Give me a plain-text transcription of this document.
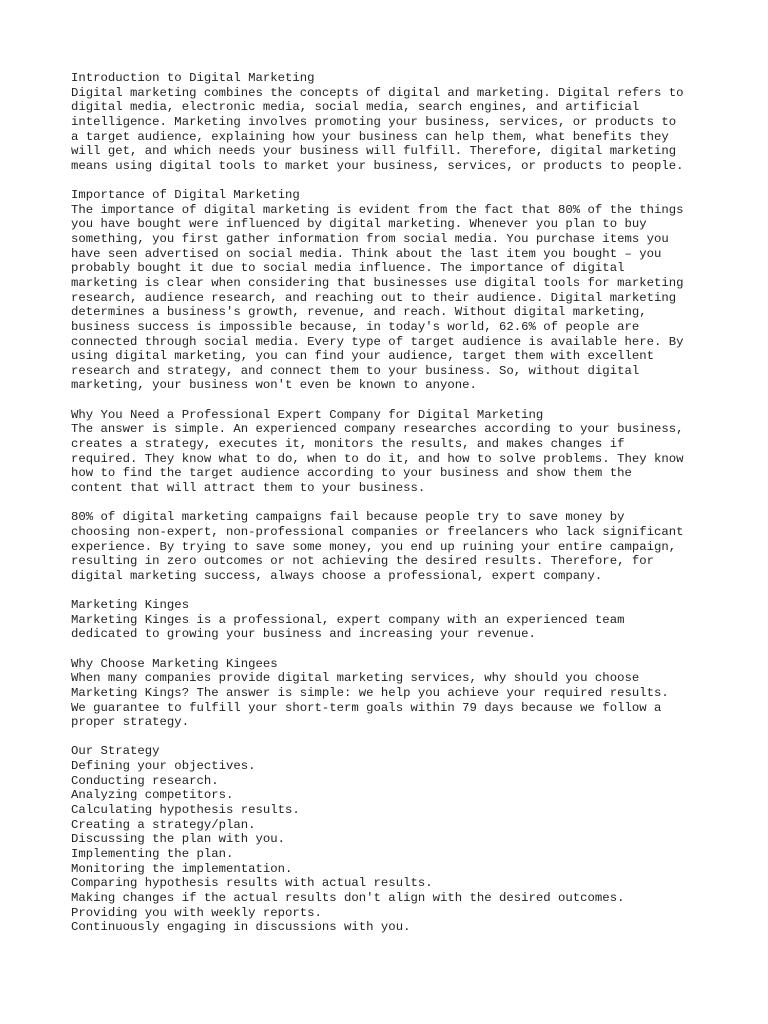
Introduction to Digital Marketing
Digital marketing combines the concepts of digital and marketing. Digital refers to
digital media, electronic media, social media, search engines, and artificial
intelligence. Marketing involves promoting your business, services, or products to
a target audience, explaining how your business can help them, what benefits they
will get, and which needs your business will fulfill. Therefore, digital marketing
means using digital tools to market your business, services, or products to people.
Importance of Digital Marketing
The importance of digital marketing is evident from the fact that 80% of the things
you have bought were influenced by digital marketing. Whenever you plan to buy
something, you first gather information from social media. You purchase items you
have seen advertised on social media. Think about the last item you bought – you
probably bought it due to social media influence. The importance of digital
marketing is clear when considering that businesses use digital tools for marketing
research, audience research, and reaching out to their audience. Digital marketing
determines a business's growth, revenue, and reach. Without digital marketing,
business success is impossible because, in today's world, 62.6% of people are
connected through social media. Every type of target audience is available here. By
using digital marketing, you can find your audience, target them with excellent
research and strategy, and connect them to your business. So, without digital
marketing, your business won't even be known to anyone.
Why You Need a Professional Expert Company for Digital Marketing
The answer is simple. An experienced company researches according to your business,
creates a strategy, executes it, monitors the results, and makes changes if
required. They know what to do, when to do it, and how to solve problems. They know
how to find the target audience according to your business and show them the
content that will attract them to your business.
80% of digital marketing campaigns fail because people try to save money by
choosing non-expert, non-professional companies or freelancers who lack significant
experience. By trying to save some money, you end up ruining your entire campaign,
resulting in zero outcomes or not achieving the desired results. Therefore, for
digital marketing success, always choose a professional, expert company.
Marketing Kinges
Marketing Kinges is a professional, expert company with an experienced team
dedicated to growing your business and increasing your revenue.
Why Choose Marketing Kingees
When many companies provide digital marketing services, why should you choose
Marketing Kings? The answer is simple: we help you achieve your required results.
We guarantee to fulfill your short-term goals within 79 days because we follow a
proper strategy.
Our Strategy
Defining your objectives.
Conducting research.
Analyzing competitors.
Calculating hypothesis results.
Creating a strategy/plan.
Discussing the plan with you.
Implementing the plan.
Monitoring the implementation.
Comparing hypothesis results with actual results.
Making changes if the actual results don't align with the desired outcomes.
Providing you with weekly reports.
Continuously engaging in discussions with you.
